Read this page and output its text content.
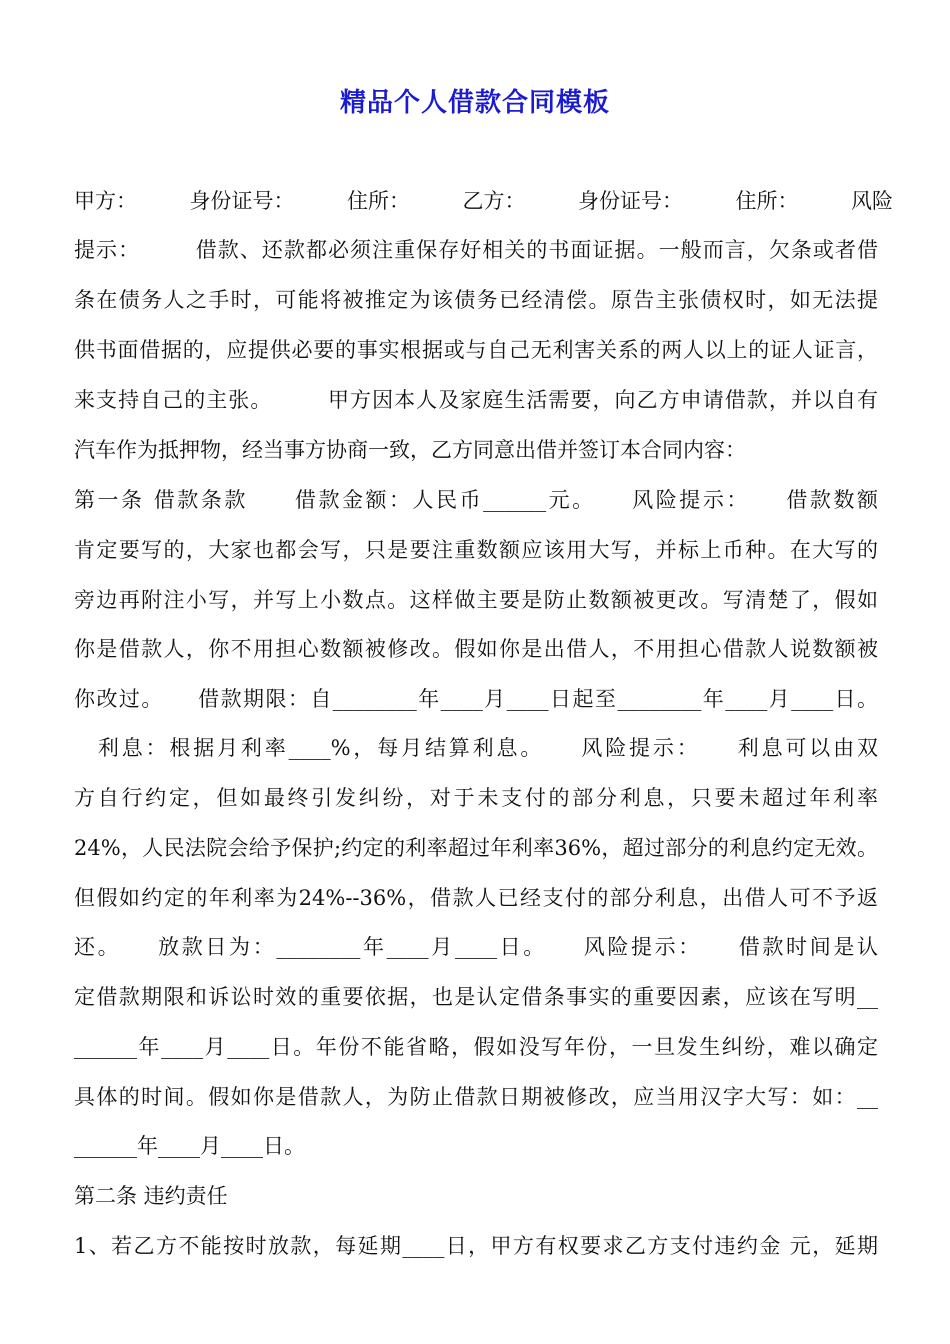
精品个人借款合同模板
甲方：　　　身份证号：　　　住所：　　　乙方：　　　身份证号：　　　住所：　　　风险
提示：　　　借款、还款都必须注重保存好相关的书面证据。一般而言，欠条或者借
条在债务人之手时，可能将被推定为该债务已经清偿。原告主张债权时，如无法提
供书面借据的，应提供必要的事实根据或与自己无利害关系的两人以上的证人证言，
来支持自己的主张。　　　甲方因本人及家庭生活需要，向乙方申请借款，并以自有
汽车作为抵押物，经当事方协商一致，乙方同意出借并签订本合同内容：
第一条 借款条款　　借款金额：人民币______元。　　风险提示：　　借款数额
肯定要写的，大家也都会写，只是要注重数额应该用大写，并标上币种。在大写的
旁边再附注小写，并写上小数点。这样做主要是防止数额被更改。写清楚了，假如
你是借款人，你不用担心数额被修改。假如你是出借人，不用担心借款人说数额被
你改过。　　借款期限：自________年____月____日起至________年____月____日。
　利息：根据月利率____%，每月结算利息。　　风险提示：　　利息可以由双
方自行约定，但如最终引发纠纷，对于未支付的部分利息，只要未超过年利率
24%，人民法院会给予保护;约定的利率超过年利率36%，超过部分的利息约定无效。
但假如约定的年利率为24%--36%，借款人已经支付的部分利息，出借人可不予返
还。　　放款日为：________年____月____日。　　风险提示：　　借款时间是认
定借款期限和诉讼时效的重要依据，也是认定借条事实的重要因素，应该在写明__
______年____月____日。年份不能省略，假如没写年份，一旦发生纠纷，难以确定
具体的时间。假如你是借款人，为防止借款日期被修改，应当用汉字大写：如：__
______年____月____日。
第二条 违约责任
1、若乙方不能按时放款，每延期____日，甲方有权要求乙方支付违约金 元，延期
